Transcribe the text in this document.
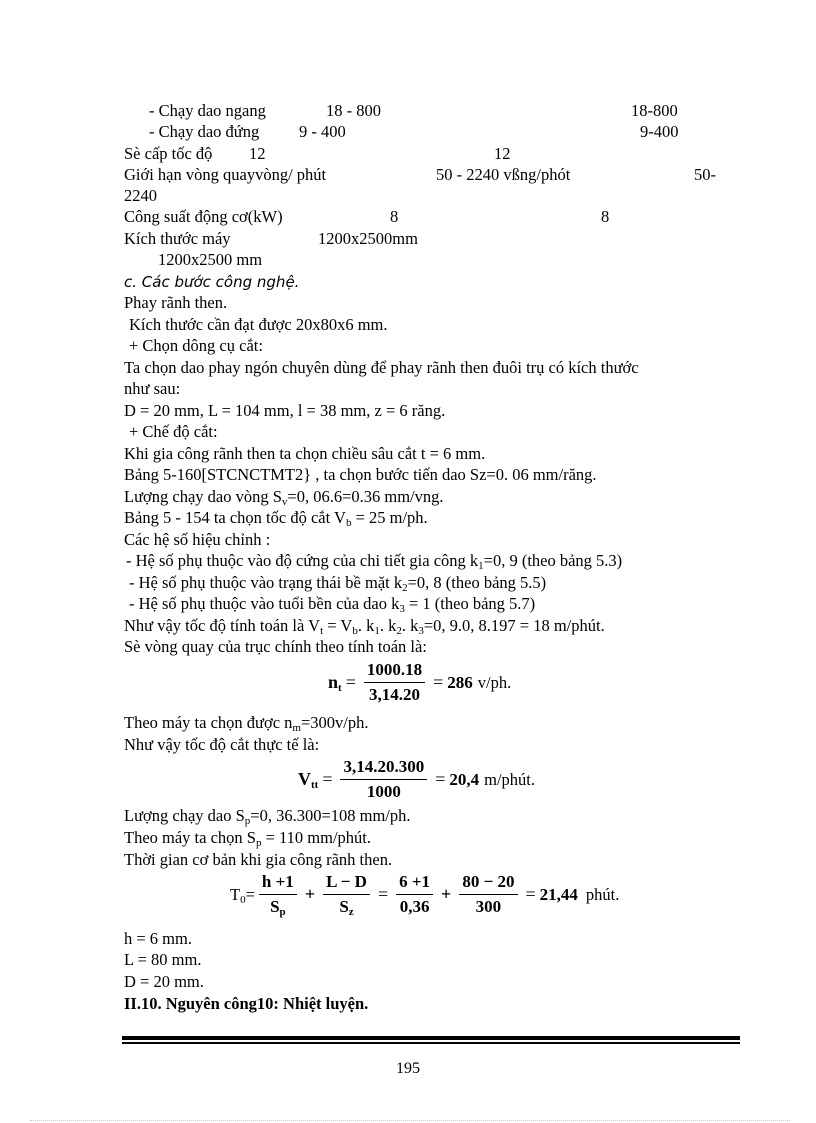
- Chạy dao ngang	18 - 800	18-800
- Chạy dao đứng 9 - 400	9-400
Sè cấp tốc độ 12	12
Giới hạn vòng quayvòng/ phút	50 - 2240 vßng/phót	50-
2240
Công suất động cơ(kW)	8	8
Kích thước máy	1200x2500mm
1200x2500 mm
c. Các bước công nghệ.
Phay rãnh then.
Kích thước cần đạt được 20x80x6 mm.
+ Chọn dông cụ cắt:
Ta chọn dao phay ngón chuyên dùng để phay rãnh then đuôi trụ có kích thước
như sau:
D = 20 mm, L = 104 mm, l = 38 mm, z = 6 răng.
+ Chế độ cắt:
Khi gia công rãnh then ta chọn chiều sâu cắt t = 6 mm.
Bảng 5-160[STCNCTMT2} , ta chọn bước tiến dao Sz=0. 06 mm/răng.
Lượng chạy dao vòng $S_v=0$, 06.6=0.36 mm/vng.
Bảng 5 - 154 ta chọn tốc độ cắt $V_b = 25$ m/ph.
Các hệ số hiệu chỉnh :
- Hệ số phụ thuộc vào độ cứng của chi tiết gia công $k_1=0$, 9 (theo bảng 5.3)
- Hệ số phụ thuộc vào trạng thái bề mặt $k_2=0$, 8 (theo bảng 5.5)
- Hệ số phụ thuộc vào tuổi bền của dao $k_3 = 1$ (theo bảng 5.7)
Như vậy tốc độ tính toán là $V_t = V_b$. $k_1$. $k_2$. $k_3=0$, 9.0, 8.197 = 18 m/phút.
Sè vòng quay của trục chính theo tính toán là:
$n_t = \frac{1000.18}{3,14.20} = 286$ v/ph.
Theo máy ta chọn được $n_m=300v/ph$.
Như vậy tốc độ cắt thực tế là:
$V_{tt} = \frac{3,14.20.300}{1000} = 20,4$ m/phút.
Lượng chạy dao $S_p=0$, 36.300=108 mm/ph.
Theo máy ta chọn $S_p = 110$ mm/phút.
Thời gian cơ bản khi gia công rãnh then.
$T_0= \frac{h +1}{S_p} + \frac{L - D}{S_z} = \frac{6 +1}{0,36} + \frac{80 - 20}{300} = 21,44$ phút.
h = 6 mm.
L = 80 mm.
D = 20 mm.
II.10. Nguyên công10: Nhiệt luyện.
195
